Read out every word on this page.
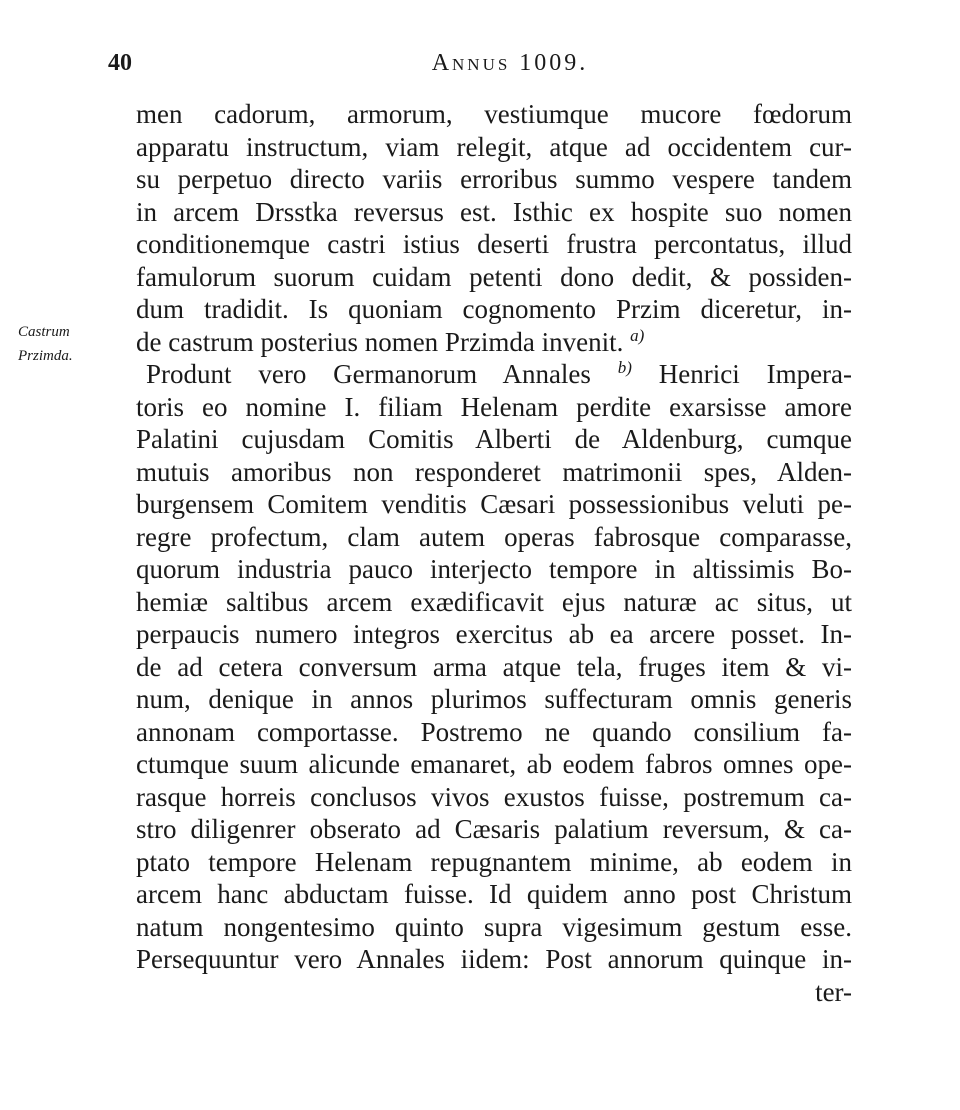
40	Annus 1009.
Castrum
Przimda.
men cadorum, armorum, vestiumque mucore fœdorum
apparatu instructum, viam relegit, atque ad occidentem cur-
su perpetuo directo variis erroribus summo vespere tandem
in arcem Drsstka reversus est. Isthic ex hospite suo nomen
conditionemque castri istius deserti frustra percontatus, illud
famulorum suorum cuidam petenti dono dedit, & possiden-
dum tradidit. Is quoniam cognomento Przim diceretur, in-
de castrum posterius nomen Przimda invenit. $^{a)}$
Produnt vero Germanorum Annales $^{b)}$ Henrici Impera-
toris eo nomine I. filiam Helenam perdite exarsisse amore
Palatini cujusdam Comitis Alberti de Aldenburg, cumque
mutuis amoribus non responderet matrimonii spes, Alden-
burgensem Comitem venditis Cæsari possessionibus veluti pe-
regre profectum, clam autem operas fabrosque comparasse,
quorum industria pauco interjecto tempore in altissimis Bo-
hemiæ saltibus arcem exædificavit ejus naturæ ac situs, ut
perpaucis numero integros exercitus ab ea arcere posset. In-
de ad cetera conversum arma atque tela, fruges item & vi-
num, denique in annos plurimos suffecturam omnis generis
annonam comportasse. Postremo ne quando consilium fa-
ctumque suum alicunde emanaret, ab eodem fabros omnes ope-
rasque horreis conclusos vivos exustos fuisse, postremum ca-
stro diligenrer obserato ad Cæsaris palatium reversum, & ca-
ptato tempore Helenam repugnantem minime, ab eodem in
arcem hanc abductam fuisse. Id quidem anno post Christum
natum nongentesimo quinto supra vigesimum gestum esse.
Persequuntur vero Annales iidem: Post annorum quinque in-
ter-
